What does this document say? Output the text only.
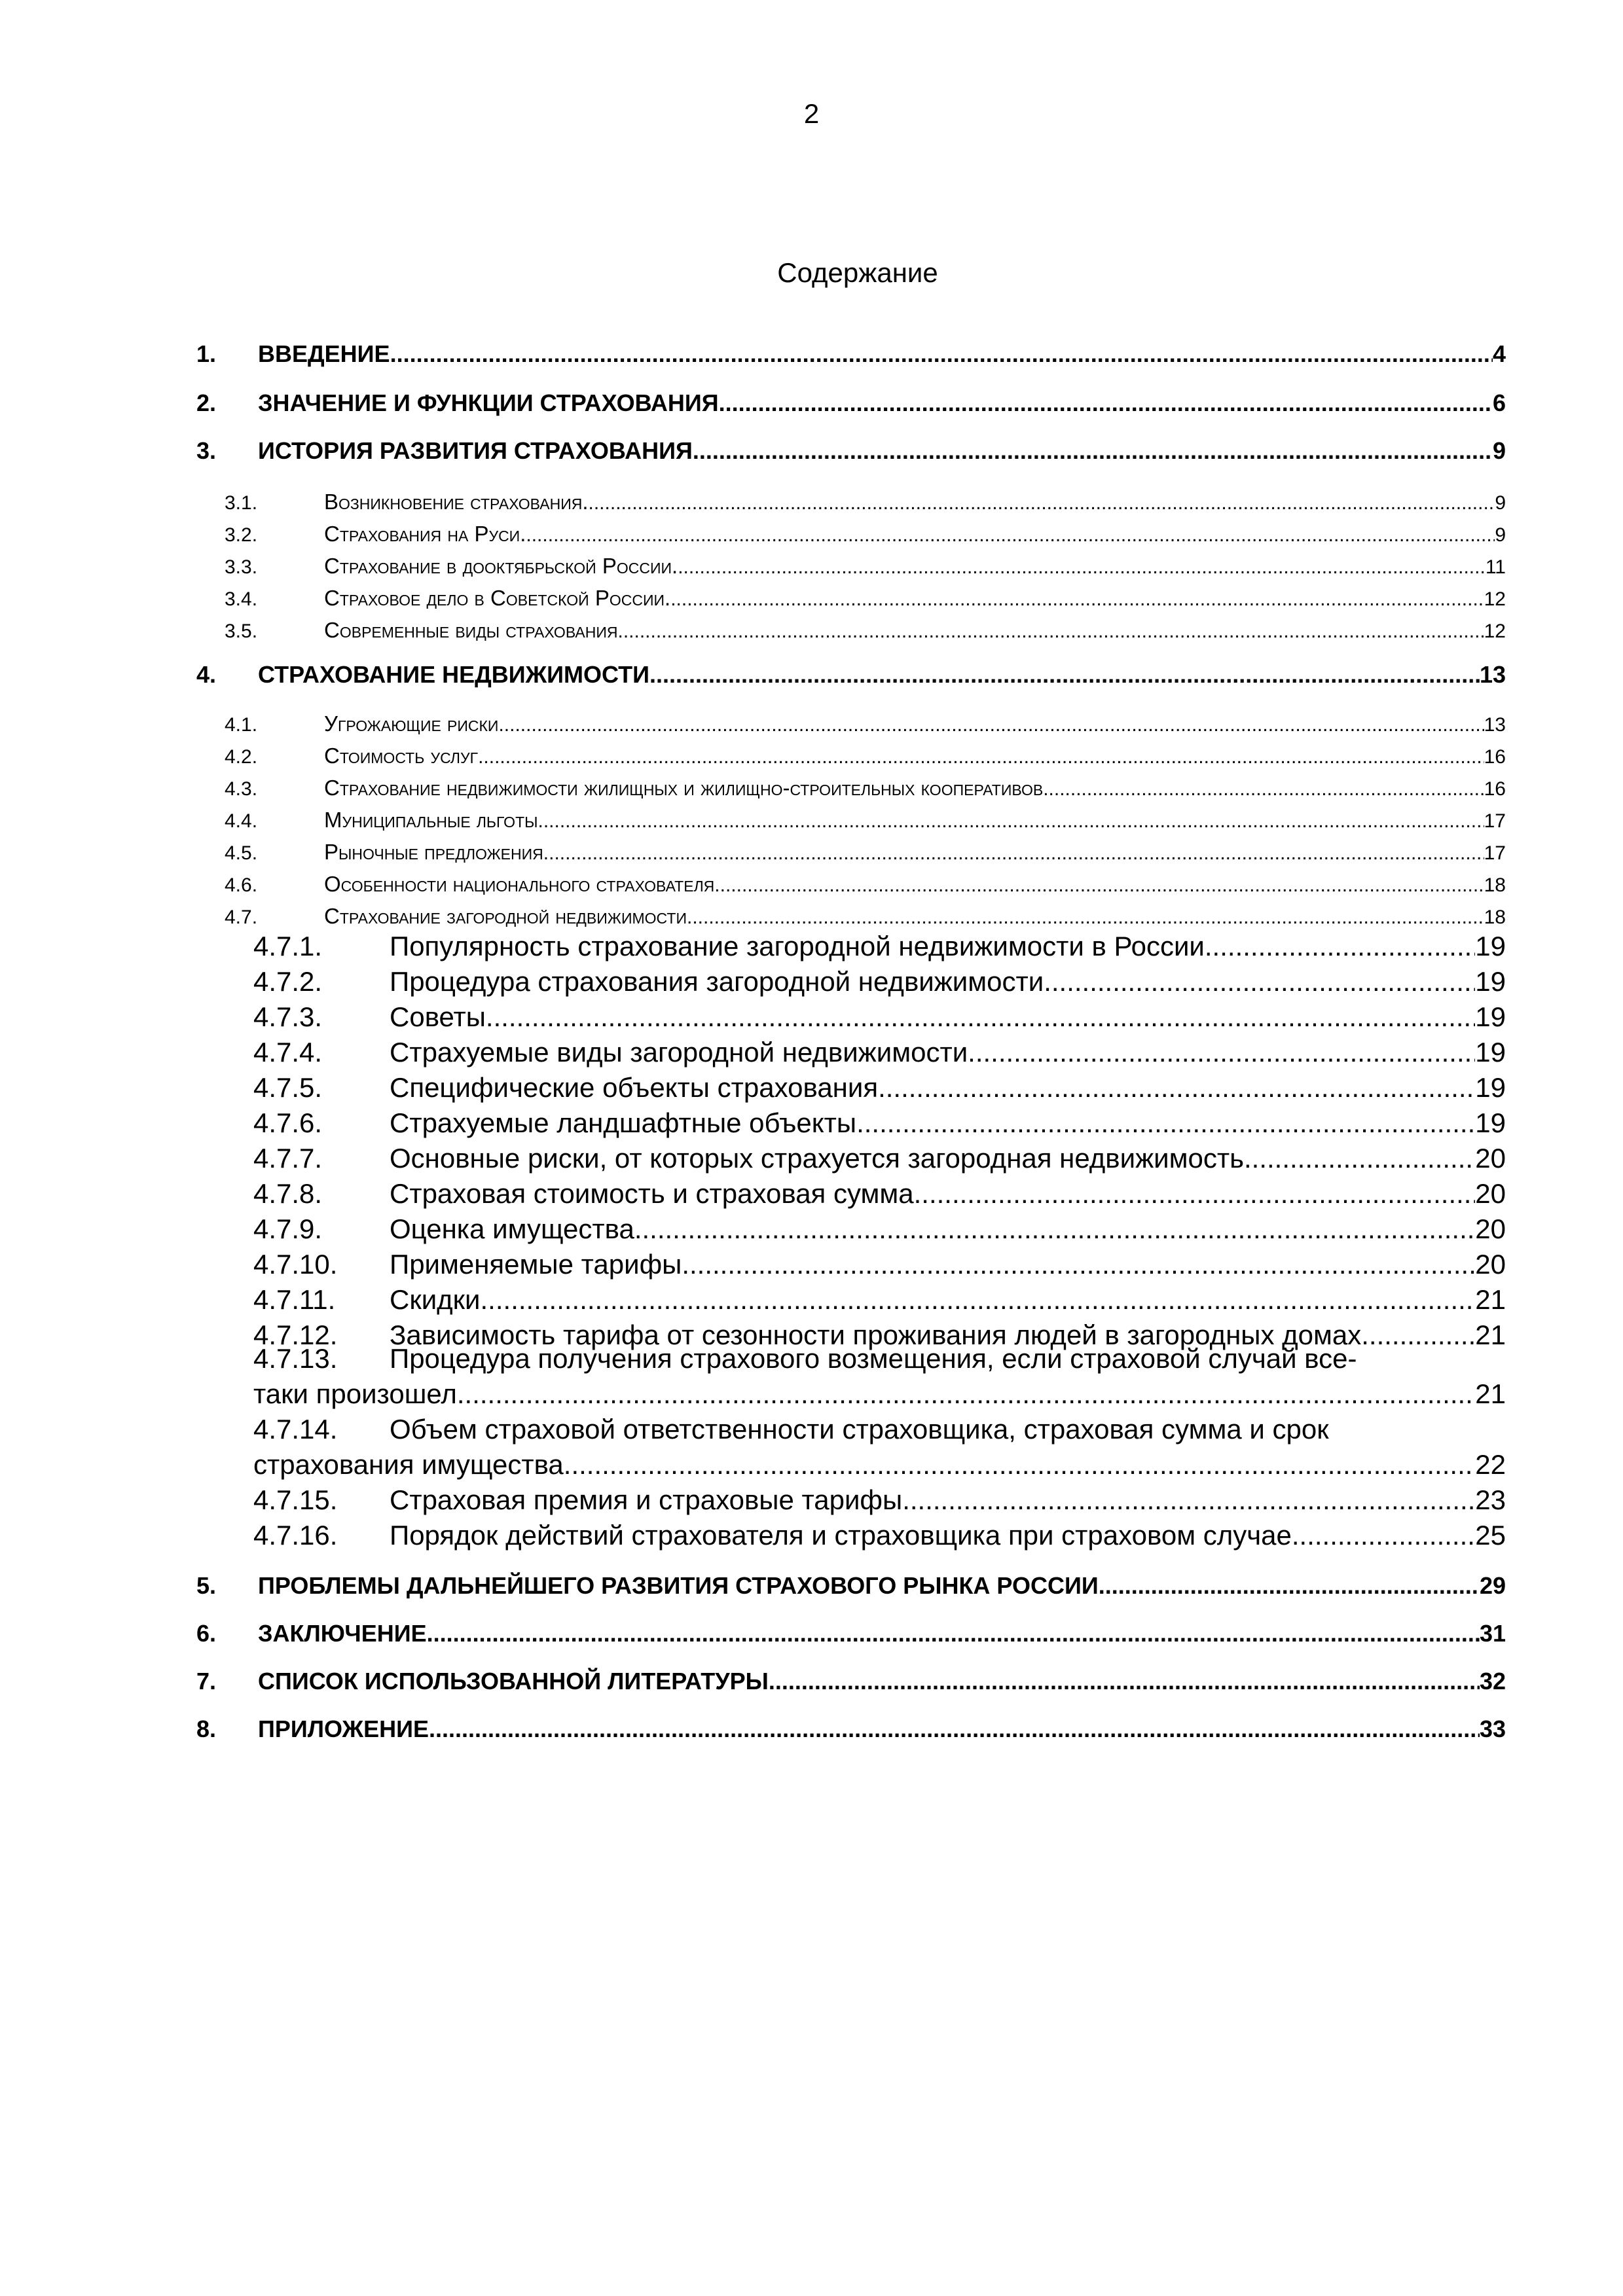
2
Содержание
1.	ВВЕДЕНИЕ .....	4
2.	ЗНАЧЕНИЕ И ФУНКЦИИ СТРАХОВАНИЯ .....	6
3.	ИСТОРИЯ РАЗВИТИЯ СТРАХОВАНИЯ .....	9
3.1.	Возникновение страхования. .....	9
3.2.	Страхования на Руси. .....	9
3.3.	Страхование в дооктябрьской России. .....	11
3.4.	Страховое дело в Советской России. .....	12
3.5.	Современные виды страхования .....	12
4.	СТРАХОВАНИЕ НЕДВИЖИМОСТИ .....	13
4.1.	Угрожающие риски .....	13
4.2.	Стоимость услуг .....	16
4.3.	Страхование недвижимости жилищных и жилищно-строительных кооперативов .....	16
4.4.	Муниципальные льготы .....	17
4.5.	Рыночные предложения .....	17
4.6.	Особенности национального страхователя .....	18
4.7.	Страхование загородной недвижимости .....	18
4.7.1.	Популярность страхование загородной недвижимости в России .....	19
4.7.2.	Процедура страхования загородной недвижимости .....	19
4.7.3.	Советы .....	19
4.7.4.	Страхуемые виды загородной недвижимости .....	19
4.7.5.	Специфические объекты страхования .....	19
4.7.6.	Страхуемые ландшафтные объекты .....	19
4.7.7.	Основные риски, от которых страхуется загородная недвижимость .....	20
4.7.8.	Страховая стоимость и страховая сумма. .....	20
4.7.9.	Оценка имущества .....	20
4.7.10.	Применяемые тарифы .....	20
4.7.11.	Скидки .....	21
4.7.12.	Зависимость тарифа от сезонности проживания людей в загородных домах .....	21
4.7.13. Процедура получения страхового возмещения, если страховой случай все-
таки произошел .....	21
4.7.14. Объем страховой ответственности страховщика, страховая сумма и срок
страхования имущества .....	22
4.7.15.	Страховая премия и страховые тарифы .....	23
4.7.16.	Порядок действий страхователя и страховщика при страховом случае .....	25
5.	ПРОБЛЕМЫ ДАЛЬНЕЙШЕГО РАЗВИТИЯ СТРАХОВОГО РЫНКА РОССИИ .....	29
6.	ЗАКЛЮЧЕНИЕ .....	31
7.	СПИСОК ИСПОЛЬЗОВАННОЙ ЛИТЕРАТУРЫ .....	32
8.	ПРИЛОЖЕНИЕ .....	33
